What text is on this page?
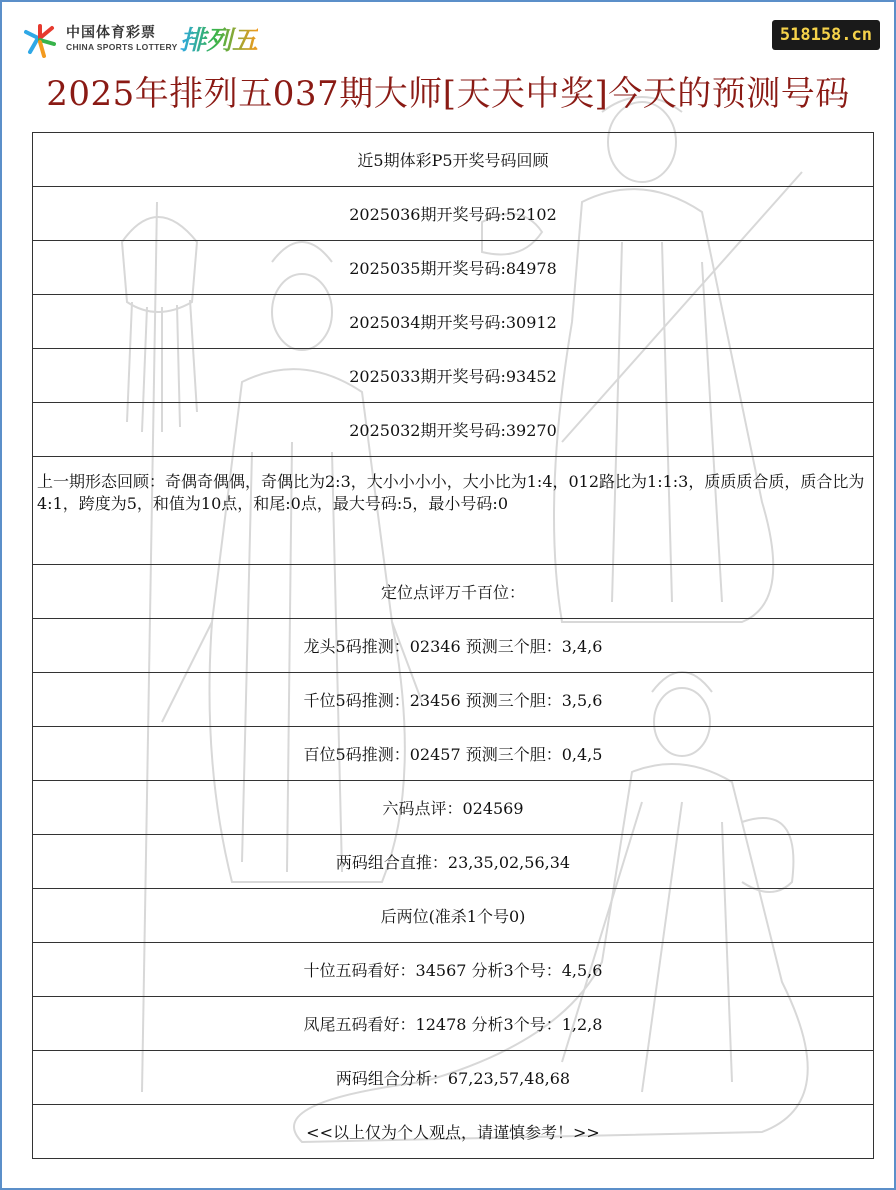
中国体育彩票
CHINA SPORTS LOTTERY 排列五	518158.cn
2025年排列五037期大师[天天中奖]今天的预测号码
近5期体彩P5开奖号码回顾
2025036期开奖号码:52102
2025035期开奖号码:84978
2025034期开奖号码:30912
2025033期开奖号码:93452
2025032期开奖号码:39270
上一期形态回顾：奇偶奇偶偶，奇偶比为2:3，大小小小小，大小比为1:4，012路比为1:1:3，质质质合质，质合比为4:1，跨度为5，和值为10点，和尾:0点，最大号码:5，最小号码:0
定位点评万千百位：
龙头5码推测：02346 预测三个胆：3,4,6
千位5码推测：23456 预测三个胆：3,5,6
百位5码推测：02457 预测三个胆：0,4,5
六码点评：024569
两码组合直推：23,35,02,56,34
后两位(准杀1个号0)
十位五码看好：34567 分析3个号：4,5,6
凤尾五码看好：12478 分析3个号：1,2,8
两码组合分析：67,23,57,48,68
<<以上仅为个人观点，请谨慎参考！>>
